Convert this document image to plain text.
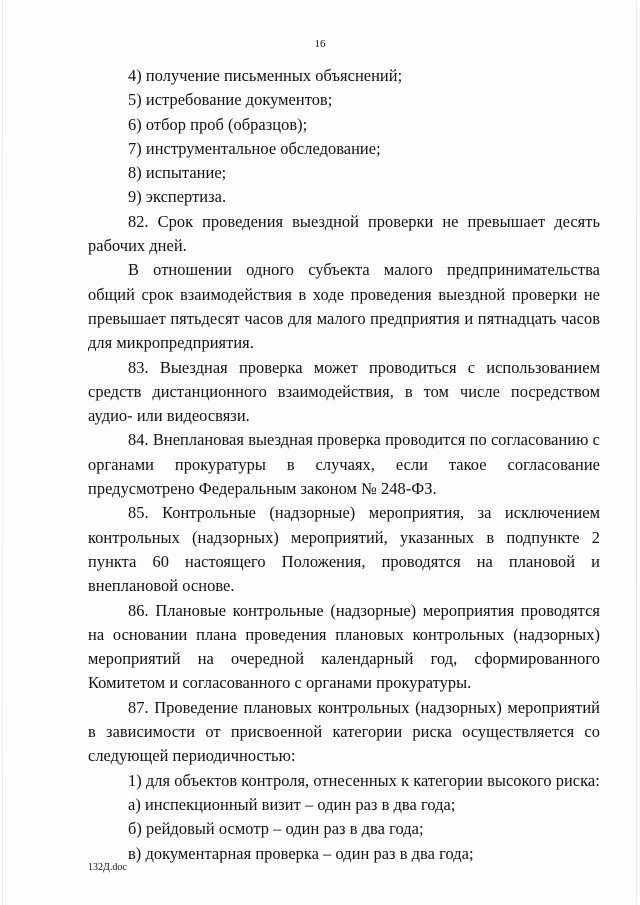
16

4) получение письменных объяснений;

5) истребование документов;

6) отбор проб (образцов);

7) инструментальное обследование;

8) испытание;

9) экспертиза.

82. Срок проведения выездной проверки не превышает десять рабочих дней.

В отношении одного субъекта малого предпринимательства общий срок взаимодействия в ходе проведения выездной проверки не превышает пятьдесят часов для малого предприятия и пятнадцать часов для микропредприятия.

83. Выездная проверка может проводиться с использованием средств дистанционного взаимодействия, в том числе посредством аудио- или видеосвязи.

84. Внеплановая выездная проверка проводится по согласованию с органами прокуратуры в случаях, если такое согласование предусмотрено Федеральным законом № 248-ФЗ.

85. Контрольные (надзорные) мероприятия, за исключением контрольных (надзорных) мероприятий, указанных в подпункте 2 пункта 60 настоящего Положения, проводятся на плановой и внеплановой основе.

86. Плановые контрольные (надзорные) мероприятия проводятся на основании плана проведения плановых контрольных (надзорных) мероприятий на очередной календарный год, сформированного Комитетом и согласованного с органами прокуратуры.

87. Проведение плановых контрольных (надзорных) мероприятий в зависимости от присвоенной категории риска осуществляется со следующей периодичностью:

1) для объектов контроля, отнесенных к категории высокого риска:

а) инспекционный визит – один раз в два года;

б) рейдовый осмотр – один раз в два года;

в) документарная проверка – один раз в два года;

132Д.doc
